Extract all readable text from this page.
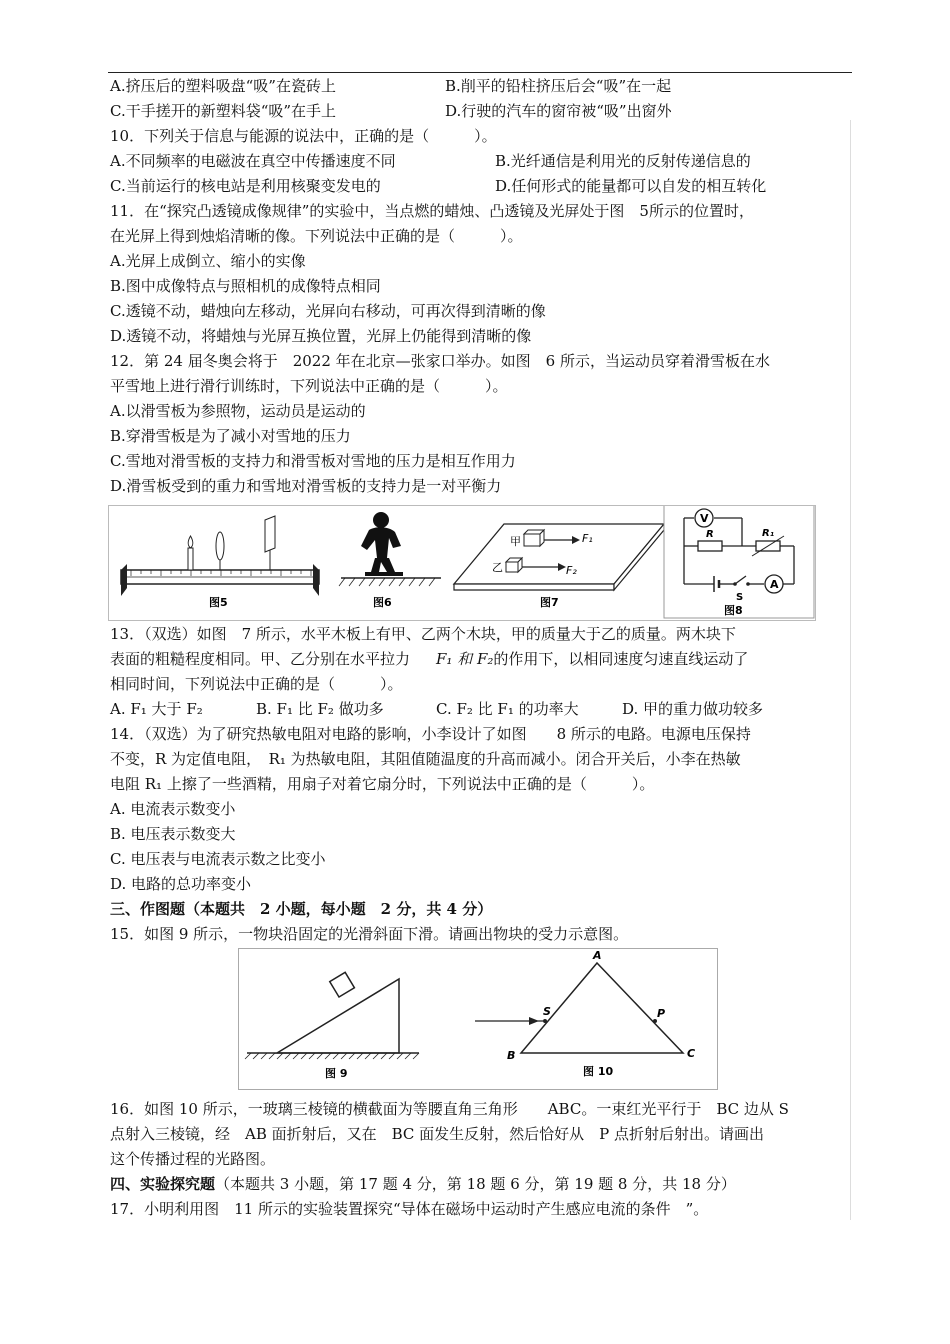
A.挤压后的塑料吸盘“吸”在瓷砖上	B.削平的铅柱挤压后会“吸”在一起
C.干手搓开的新塑料袋“吸”在手上	D.行驶的汽车的窗帘被“吸”出窗外
10．下列关于信息与能源的说法中，正确的是（　　　）。
A.不同频率的电磁波在真空中传播速度不同	B.光纤通信是利用光的反射传递信息的
C.当前运行的核电站是利用核聚变发电的	D.任何形式的能量都可以自发的相互转化
11．在“探究凸透镜成像规律”的实验中，当点燃的蜡烛、凸透镜及光屏处于图　5所示的位置时，
在光屏上得到烛焰清晰的像。下列说法中正确的是（　　　）。
A.光屏上成倒立、缩小的实像
B.图中成像特点与照相机的成像特点相同
C.透镜不动，蜡烛向左移动，光屏向右移动，可再次得到清晰的像
D.透镜不动，将蜡烛与光屏互换位置，光屏上仍能得到清晰的像
12．第 24 届冬奥会将于　2022 年在北京—张家口举办。如图　6 所示，当运动员穿着滑雪板在水
平雪地上进行滑行训练时，下列说法中正确的是（　　　）。
A.以滑雪板为参照物，运动员是运动的
B.穿滑雪板是为了减小对雪地的压力
C.雪地对滑雪板的支持力和滑雪板对雪地的压力是相互作用力
D.滑雪板受到的重力和雪地对滑雪板的支持力是一对平衡力
图5	图6
甲	F₁
乙	F₂
图7
V
R	R₁
S
A
图8
13．（双选）如图　7 所示，水平木板上有甲、乙两个木块，甲的质量大于乙的质量。两木块下
表面的粗糙程度相同。甲、乙分别在水平拉力 F₁ 和 F₂的作用下，以相同速度匀速直线运动了
相同时间，下列说法中正确的是（　　　）。
A. F₁ 大于 F₂	B. F₁ 比 F₂ 做功多	C. F₂ 比 F₁ 的功率大	D. 甲的重力做功较多
14．（双选）为了研究热敏电阻对电路的影响，小李设计了如图　　8 所示的电路。电源电压保持
不变，R 为定值电阻，　R₁ 为热敏电阻，其阻值随温度的升高而减小。闭合开关后，小李在热敏
电阻 R₁ 上擦了一些酒精，用扇子对着它扇分时，下列说法中正确的是（　　　）。
A. 电流表示数变小
B. 电压表示数变大
C. 电压表与电流表示数之比变小
D. 电路的总功率变小
三、作图题（本题共　2 小题，每小题　2 分，共 4 分）
15．如图 9 所示，一物块沿固定的光滑斜面下滑。请画出物块的受力示意图。
图 9
A
B	C
S	P
图 10
16．如图 10 所示，一玻璃三棱镜的横截面为等腰直角三角形　　ABC。一束红光平行于　BC 边从 S
点射入三棱镜，经　AB 面折射后，又在　BC 面发生反射，然后恰好从　P 点折射后射出。请画出
这个传播过程的光路图。
四、实验探究题（本题共 3 小题，第 17 题 4 分，第 18 题 6 分，第 19 题 8 分，共 18 分）
17．小明利用图　11 所示的实验装置探究“导体在磁场中运动时产生感应电流的条件　”。
